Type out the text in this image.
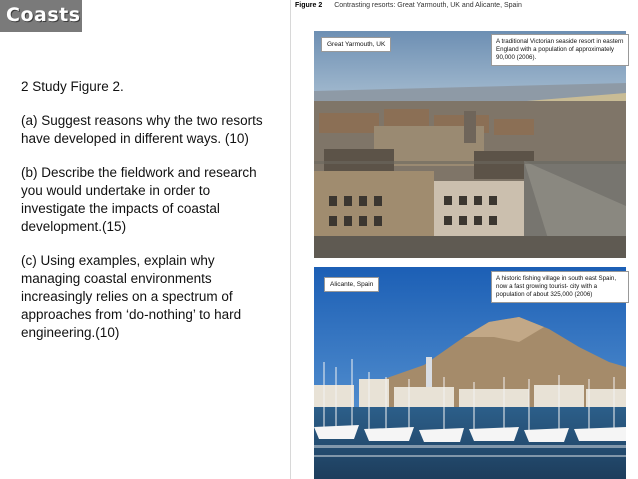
Coasts

2 Study Figure 2.

(a) Suggest reasons why the two resorts have developed in different ways. (10)

(b) Describe the fieldwork and research you would undertake in order to investigate the impacts of coastal development.(15)

(c) Using examples, explain why managing coastal environments increasingly relies on a spectrum of approaches from ‘do-nothing’ to hard engineering.(10)

Figure 2 Contrasting resorts: Great Yarmouth, UK and Alicante, Spain
Great Yarmouth, UK	A traditional Victorian seaside resort in eastern England with a population of approximately 90,000 (2006).
Alicante, Spain
A historic fishing village in south east Spain, now a fast growing tourist- city with a population of about 325,000 (2006)
